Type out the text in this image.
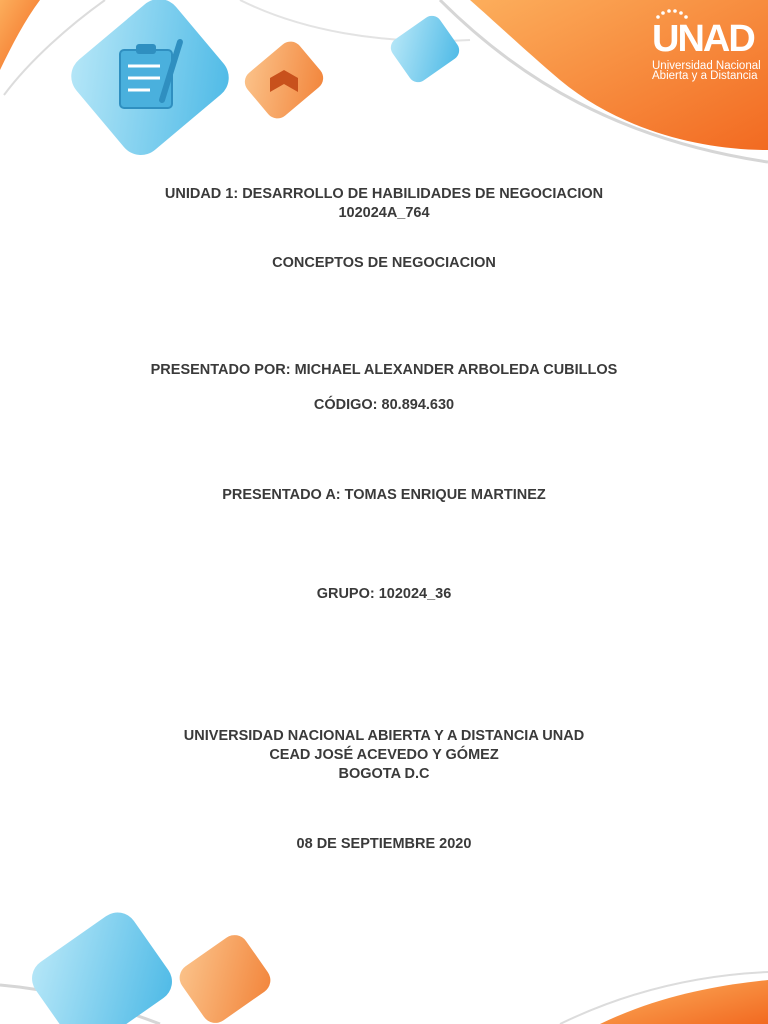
UNAD
Universidad Nacional
Abierta y a Distancia
UNIDAD 1: DESARROLLO DE HABILIDADES DE NEGOCIACION
102024A_764
CONCEPTOS DE NEGOCIACION
PRESENTADO POR: MICHAEL ALEXANDER ARBOLEDA CUBILLOS
CÓDIGO: 80.894.630
PRESENTADO A: TOMAS ENRIQUE MARTINEZ
GRUPO: 102024_36
UNIVERSIDAD NACIONAL ABIERTA Y A DISTANCIA UNAD
CEAD JOSÉ ACEVEDO Y GÓMEZ
BOGOTA D.C
08 DE SEPTIEMBRE 2020
